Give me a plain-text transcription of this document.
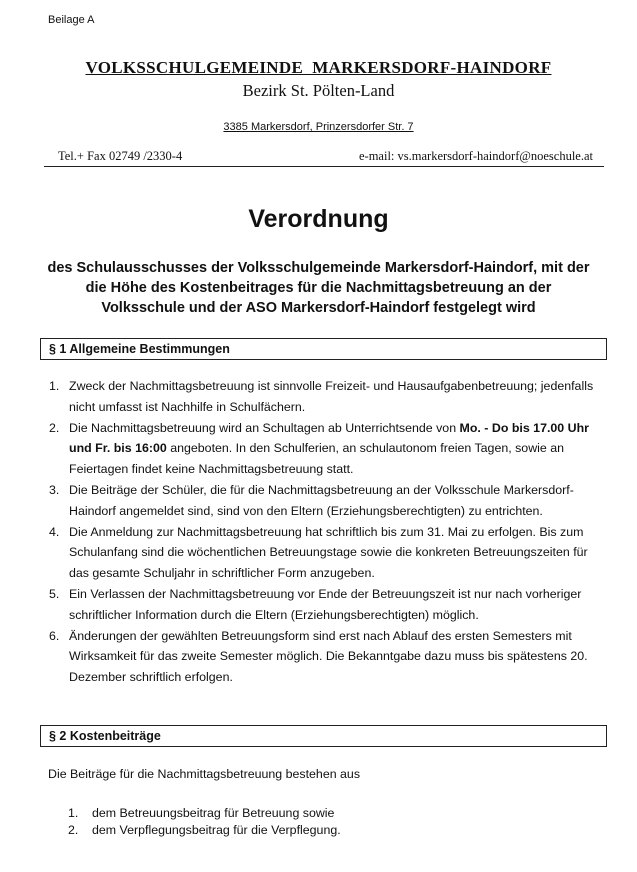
Beilage A
VOLKSSCHULGEMEINDE  MARKERSDORF-HAINDORF
Bezirk St. Pölten-Land
3385 Markersdorf, Prinzersdorfer Str. 7
Tel.+ Fax 02749 /2330-4	e-mail: vs.markersdorf-haindorf@noeschule.at
Verordnung
des Schulausschusses der Volksschulgemeinde Markersdorf-Haindorf, mit der
die Höhe des Kostenbeitrages für die Nachmittagsbetreuung an der
Volksschule und der ASO Markersdorf-Haindorf festgelegt wird
§ 1 Allgemeine Bestimmungen
1. Zweck der Nachmittagsbetreuung ist sinnvolle Freizeit- und Hausaufgabenbetreuung; jedenfalls nicht umfasst ist Nachhilfe in Schulfächern.
2. Die Nachmittagsbetreuung wird an Schultagen ab Unterrichtsende von Mo. - Do bis 17.00 Uhr und Fr. bis 16:00 angeboten. In den Schulferien, an schulautonom freien Tagen, sowie an Feiertagen findet keine Nachmittagsbetreuung statt.
3. Die Beiträge der Schüler, die für die Nachmittagsbetreuung an der Volksschule Markersdorf-Haindorf angemeldet sind, sind von den Eltern (Erziehungsberechtigten) zu entrichten.
4. Die Anmeldung zur Nachmittagsbetreuung hat schriftlich bis zum 31. Mai zu erfolgen. Bis zum Schulanfang sind die wöchentlichen Betreuungstage sowie die konkreten Betreuungszeiten für das gesamte Schuljahr in schriftlicher Form anzugeben.
5. Ein Verlassen der Nachmittagsbetreuung vor Ende der Betreuungszeit ist nur nach vorheriger schriftlicher Information durch die Eltern (Erziehungsberechtigten) möglich.
6. Änderungen der gewählten Betreuungsform sind erst nach Ablauf des ersten Semesters mit Wirksamkeit für das zweite Semester möglich. Die Bekanntgabe dazu muss bis spätestens 20. Dezember schriftlich erfolgen.
§ 2 Kostenbeiträge
Die Beiträge für die Nachmittagsbetreuung bestehen aus
1. dem Betreuungsbeitrag für Betreuung sowie
2. dem Verpflegungsbeitrag für die Verpflegung.
